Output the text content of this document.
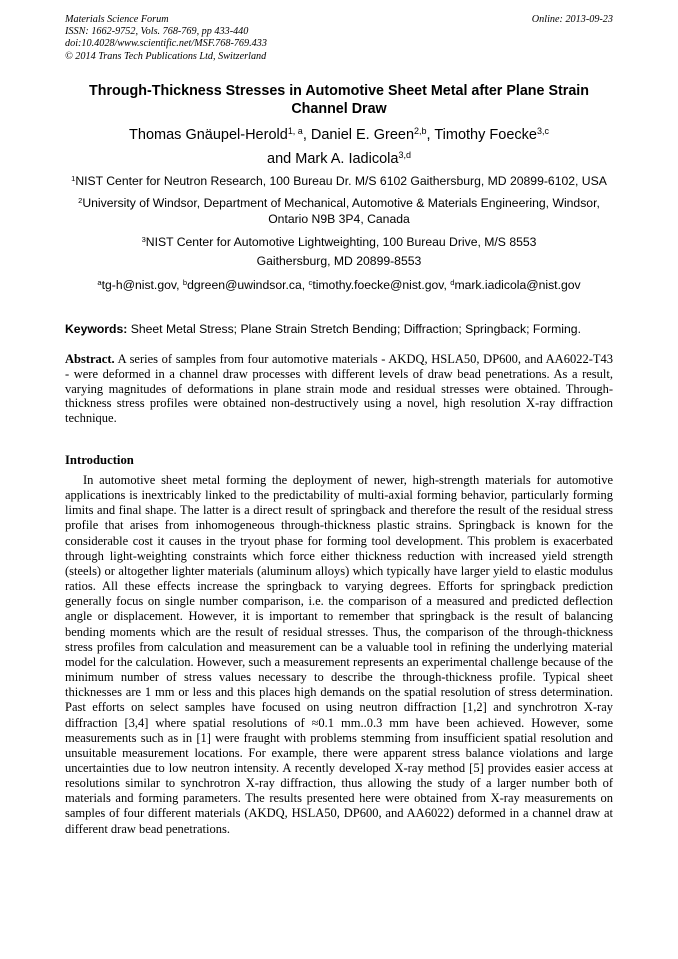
Materials Science Forum
ISSN: 1662-9752, Vols. 768-769, pp 433-440
doi:10.4028/www.scientific.net/MSF.768-769.433
© 2014 Trans Tech Publications Ltd, Switzerland
Online: 2013-09-23
Through-Thickness Stresses in Automotive Sheet Metal after Plane Strain Channel Draw
Thomas Gnäupel-Herold$^{1, a}$, Daniel E. Green$^{2,b}$, Timothy Foecke$^{3,c}$
and Mark A. Iadicola$^{3,d}$
$^1$NIST Center for Neutron Research, 100 Bureau Dr. M/S 6102 Gaithersburg, MD 20899-6102, USA
$^2$University of Windsor, Department of Mechanical, Automotive & Materials Engineering, Windsor, Ontario N9B 3P4, Canada
$^3$NIST Center for Automotive Lightweighting, 100 Bureau Drive, M/S 8553
Gaithersburg, MD 20899-8553
$^a$tg-h@nist.gov, $^b$dgreen@uwindsor.ca, $^c$timothy.foecke@nist.gov, $^d$mark.iadicola@nist.gov
Keywords: Sheet Metal Stress; Plane Strain Stretch Bending; Diffraction; Springback; Forming.
Abstract. A series of samples from four automotive materials - AKDQ, HSLA50, DP600, and AA6022-T43 - were deformed in a channel draw processes with different levels of draw bead penetrations. As a result, varying magnitudes of deformations in plane strain mode and residual stresses were obtained. Through-thickness stress profiles were obtained non-destructively using a novel, high resolution X-ray diffraction technique.
Introduction

In automotive sheet metal forming the deployment of newer, high-strength materials for automotive applications is inextricably linked to the predictability of multi-axial forming behavior, particularly forming limits and final shape. The latter is a direct result of springback and therefore the result of the residual stress profile that arises from inhomogeneous through-thickness plastic strains. Springback is known for the considerable cost it causes in the tryout phase for forming tool development. This problem is exacerbated through light-weighting constraints which force either thickness reduction with increased yield strength (steels) or altogether lighter materials (aluminum alloys) which typically have larger yield to elastic modulus ratios. All these effects increase the springback to varying degrees. Efforts for springback prediction generally focus on single number comparison, i.e. the comparison of a measured and predicted deflection angle or displacement. However, it is important to remember that springback is the result of balancing bending moments which are the result of residual stresses. Thus, the comparison of the through-thickness stress profiles from calculation and measurement can be a valuable tool in refining the underlying material model for the calculation. However, such a measurement represents an experimental challenge because of the minimum number of stress values necessary to describe the through-thickness profile. Typical sheet thicknesses are 1 mm or less and this places high demands on the spatial resolution of stress determination. Past efforts on select samples have focused on using neutron diffraction [1,2] and synchrotron X-ray diffraction [3,4] where spatial resolutions of ≈0.1 mm..0.3 mm have been achieved. However, some measurements such as in [1] were fraught with problems stemming from insufficient spatial resolution and unsuitable measurement locations. For example, there were apparent stress balance violations and large uncertainties due to low neutron intensity. A recently developed X-ray method [5] provides easier access at resolutions similar to synchrotron X-ray diffraction, thus allowing the study of a larger number both of materials and forming parameters. The results presented here were obtained from X-ray measurements on samples of four different materials (AKDQ, HSLA50, DP600, and AA6022) deformed in a channel draw at different draw bead penetrations.
